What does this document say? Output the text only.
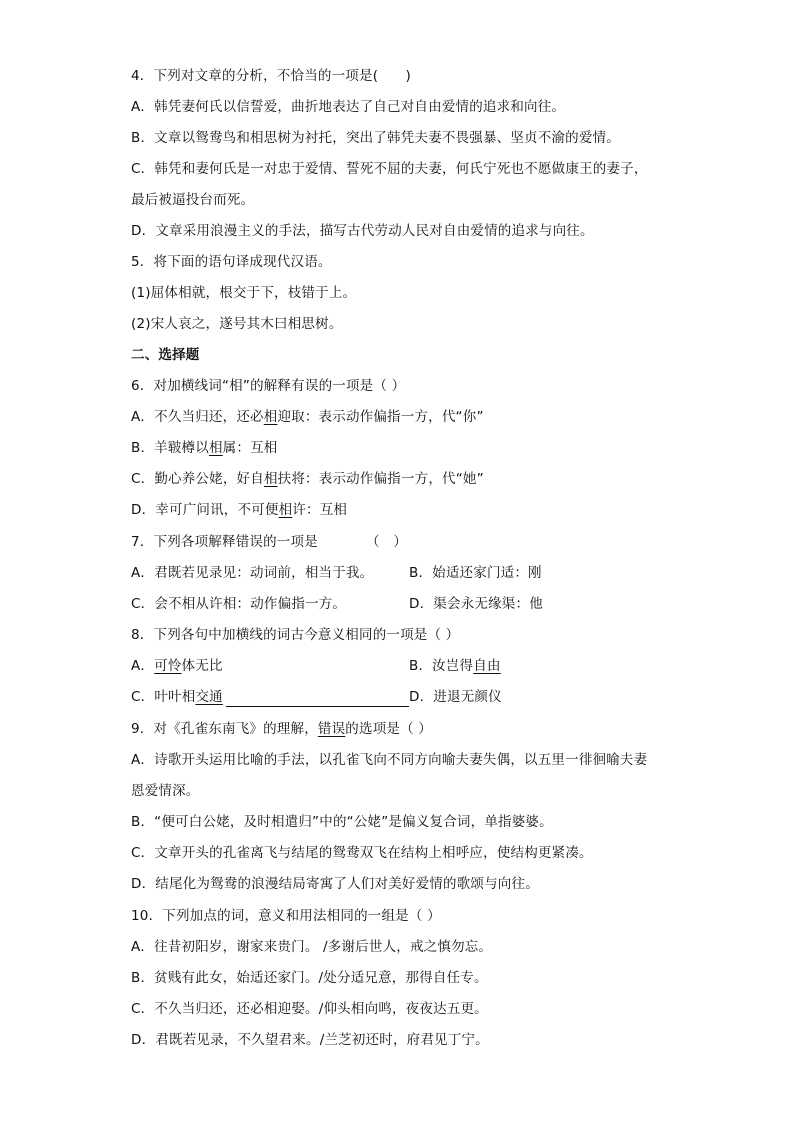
4．下列对文章的分析，不恰当的一项是(　　)
A．韩凭妻何氏以信誓爱，曲折地表达了自己对自由爱情的追求和向往。
B．文章以鸳鸯鸟和相思树为衬托，突出了韩凭夫妻不畏强暴、坚贞不渝的爱情。
C．韩凭和妻何氏是一对忠于爱情、誓死不屈的夫妻，何氏宁死也不愿做康王的妻子，
最后被逼投台而死。
D．文章采用浪漫主义的手法，描写古代劳动人民对自由爱情的追求与向往。
5．将下面的语句译成现代汉语。
(1)屈体相就，根交于下，枝错于上。
(2)宋人哀之，遂号其木曰相思树。
二、选择题
6．对加横线词“相”的解释有误的一项是（ ）
A．不久当归还，还必相迎取：表示动作偏指一方，代“你”
B．羊皲樽以相属：互相
C．勤心养公姥，好自相扶将：表示动作偏指一方，代“她”
D．幸可广问讯，不可便相许：互相
7．下列各项解释错误的一项是　　　　（　）
A．君既若见录见：动词前，相当于我。	B．始适还家门适：刚
C．会不相从许相：动作偏指一方。	D．渠会永无缘渠：他
8．下列各句中加横线的词古今意义相同的一项是（ ）
A．可怜体无比	B．汝岂得自由
C．叶叶相交通	D．进退无颜仪
9．对《孔雀东南飞》的理解，错误的选项是（ ）
A．诗歌开头运用比喻的手法，以孔雀飞向不同方向喻夫妻失偶，以五里一徘徊喻夫妻
恩爱情深。
B．“便可白公姥，及时相遣归”中的“公姥”是偏义复合词，单指婆婆。
C．文章开头的孔雀离飞与结尾的鸳鸯双飞在结构上相呼应，使结构更紧凑。
D．结尾化为鸳鸯的浪漫结局寄寓了人们对美好爱情的歌颂与向往。
10．下列加点的词，意义和用法相同的一组是（ ）
A．往昔初阳岁，谢家来贵门。 /多谢后世人，戒之慎勿忘。
B．贫贱有此女，始适还家门。/处分适兄意，那得自任专。
C．不久当归还，还必相迎娶。/仰头相向鸣，夜夜达五更。
D．君既若见录，不久望君来。/兰芝初还时，府君见丁宁。
